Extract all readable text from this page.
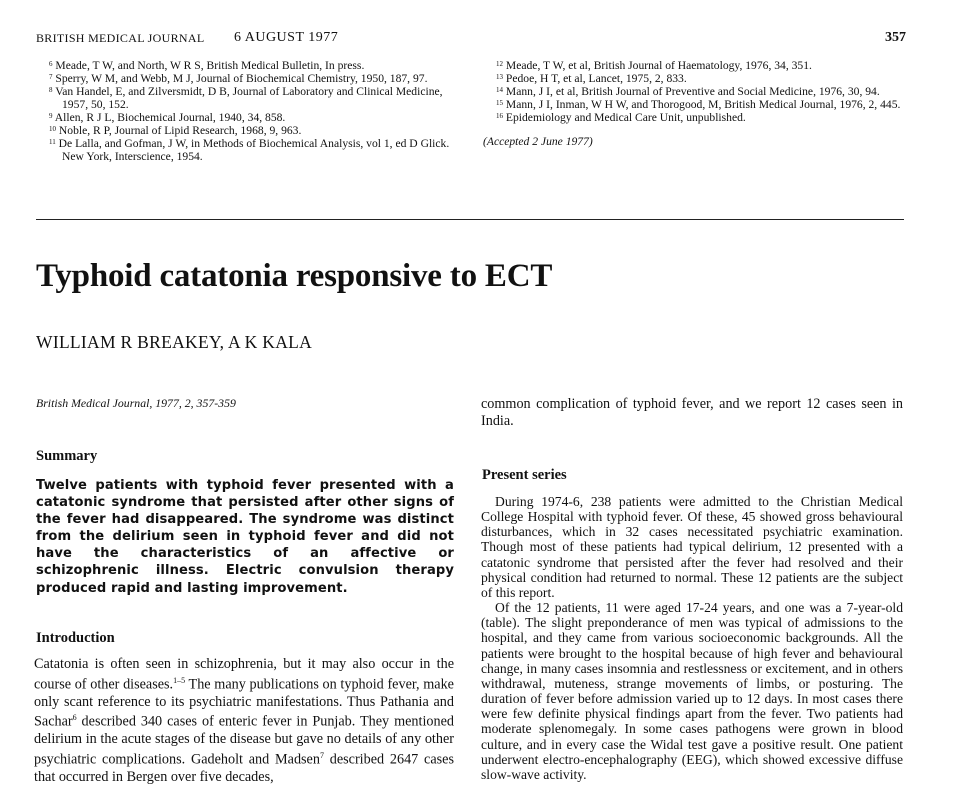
BRITISH MEDICAL JOURNAL 6 AUGUST 1977	357
$^6$ Meade, T W, and North, W R S, British Medical Bulletin, In press.
$^7$ Sperry, W M, and Webb, M J, Journal of Biochemical Chemistry, 1950, 187, 97.
$^8$ Van Handel, E, and Zilversmidt, D B, Journal of Laboratory and Clinical Medicine, 1957, 50, 152.
$^9$ Allen, R J L, Biochemical Journal, 1940, 34, 858.
$^{10}$ Noble, R P, Journal of Lipid Research, 1968, 9, 963.
$^{11}$ De Lalla, and Gofman, J W, in Methods of Biochemical Analysis, vol 1, ed D Glick. New York, Interscience, 1954.
$^{12}$ Meade, T W, et al, British Journal of Haematology, 1976, 34, 351.
$^{13}$ Pedoe, H T, et al, Lancet, 1975, 2, 833.
$^{14}$ Mann, J I, et al, British Journal of Preventive and Social Medicine, 1976, 30, 94.
$^{15}$ Mann, J I, Inman, W H W, and Thorogood, M, British Medical Journal, 1976, 2, 445.
$^{16}$ Epidemiology and Medical Care Unit, unpublished.
(Accepted 2 June 1977)
Typhoid catatonia responsive to ECT
WILLIAM R BREAKEY, A K KALA
British Medical Journal, 1977, 2, 357-359
Summary
Twelve patients with typhoid fever presented with a catatonic syndrome that persisted after other signs of the fever had disappeared. The syndrome was distinct from the delirium seen in typhoid fever and did not have the characteristics of an affective or schizophrenic illness. Electric convulsion therapy produced rapid and lasting improvement.
Introduction
Catatonia is often seen in schizophrenia, but it may also occur in the course of other diseases.$^{1-5}$ The many publications on typhoid fever, make only scant reference to its psychiatric manifestations. Thus Pathania and Sachar$^6$ described 340 cases of enteric fever in Punjab. They mentioned delirium in the acute stages of the disease but gave no details of any other psychiatric complications. Gadeholt and Madsen$^7$ described 2647 cases that occurred in Bergen over five decades,
common complication of typhoid fever, and we report 12 cases seen in India.
Present series

During 1974-6, 238 patients were admitted to the Christian Medical College Hospital with typhoid fever. Of these, 45 showed gross behavioural disturbances, which in 32 cases necessitated psychiatric examination. Though most of these patients had typical delirium, 12 presented with a catatonic syndrome that persisted after the fever had resolved and their physical condition had returned to normal. These 12 patients are the subject of this report.

Of the 12 patients, 11 were aged 17-24 years, and one was a 7-year-old (table). The slight preponderance of men was typical of admissions to the hospital, and they came from various socioeconomic backgrounds. All the patients were brought to the hospital because of high fever and behavioural change, in many cases insomnia and restlessness or excitement, and in others withdrawal, muteness, strange movements of limbs, or posturing. The duration of fever before admission varied up to 12 days. In most cases there were few definite physical findings apart from the fever. Two patients had moderate splenomegaly. In some cases pathogens were grown in blood culture, and in every case the Widal test gave a positive result. One patient underwent electro-encephalography (EEG), which showed excessive diffuse slow-wave activity.
